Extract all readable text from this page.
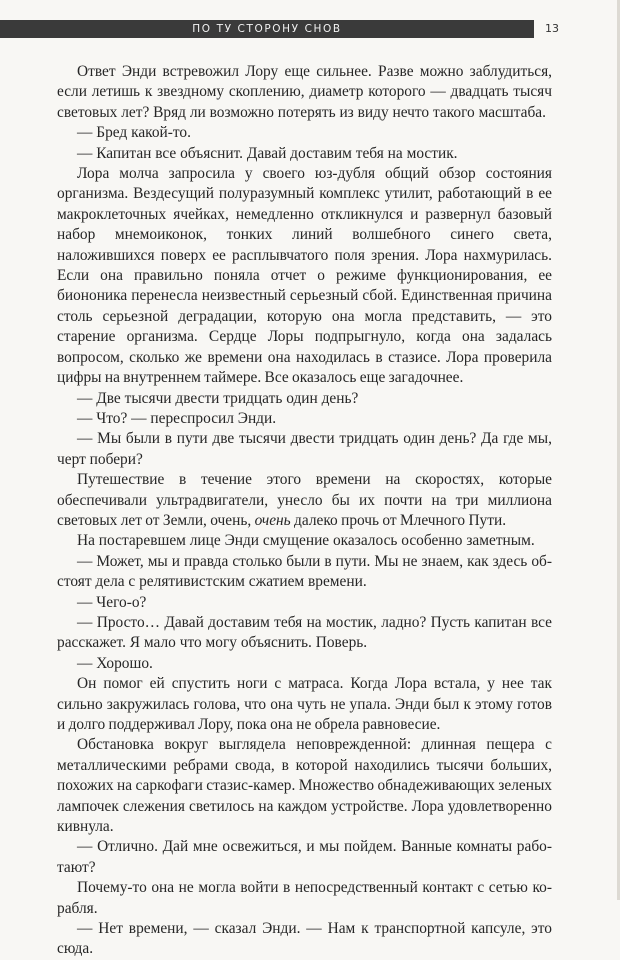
ПО ТУ СТОРОНУ СНОВ	13

Ответ Энди встревожил Лору еще сильнее. Разве можно заблудиться, если летишь к звездному скоплению, диаметр которого — двадцать тысяч световых лет? Вряд ли возможно потерять из виду нечто такого масштаба.

— Бред какой-то.

— Капитан все объяснит. Давай доставим тебя на мостик.

Лора молча запросила у своего юз-дубля общий обзор состояния организма. Вездесущий полуразумный комплекс утилит, работающий в ее макроклеточных ячейках, немедленно откликнулся и развернул базовый набор мнемоиконок, тонких линий волшебного синего света, наложившихся поверх ее расплывчатого поля зрения. Лора нахмурилась. Если она правильно поняла отчет о режиме функционирования, ее биононика перенесла неизвестный серьезный сбой. Единственная причина столь серьезной деградации, которую она могла представить, — это старение организма. Сердце Лоры подпрыгнуло, когда она задалась вопросом, сколько же времени она находилась в стазисе. Лора проверила цифры на внутреннем таймере. Все оказалось еще загадочнее.

— Две тысячи двести тридцать один день?

— Что? — переспросил Энди.

— Мы были в пути две тысячи двести тридцать один день? Да где мы, черт побери?

Путешествие в течение этого времени на скоростях, которые обеспечивали ультрадвигатели, унесло бы их почти на три миллиона световых лет от Земли, очень, очень далеко прочь от Млечного Пути.

На постаревшем лице Энди смущение оказалось особенно заметным.

— Может, мы и правда столько были в пути. Мы не знаем, как здесь обстоят дела с релятивистским сжатием времени.

— Чего-о?

— Просто… Давай доставим тебя на мостик, ладно? Пусть капитан все расскажет. Я мало что могу объяснить. Поверь.

— Хорошо.

Он помог ей спустить ноги с матраса. Когда Лора встала, у нее так сильно закружилась голова, что она чуть не упала. Энди был к этому готов и долго поддерживал Лору, пока она не обрела равновесие.

Обстановка вокруг выглядела неповрежденной: длинная пещера с металлическими ребрами свода, в которой находились тысячи больших, похожих на саркофаги стазис-камер. Множество обнадеживающих зеленых лампочек слежения светилось на каждом устройстве. Лора удовлетворенно кивнула.

— Отлично. Дай мне освежиться, и мы пойдем. Ванные комнаты работают?

Почему-то она не могла войти в непосредственный контакт с сетью корабля.

— Нет времени, — сказал Энди. — Нам к транспортной капсуле, это сюда.
